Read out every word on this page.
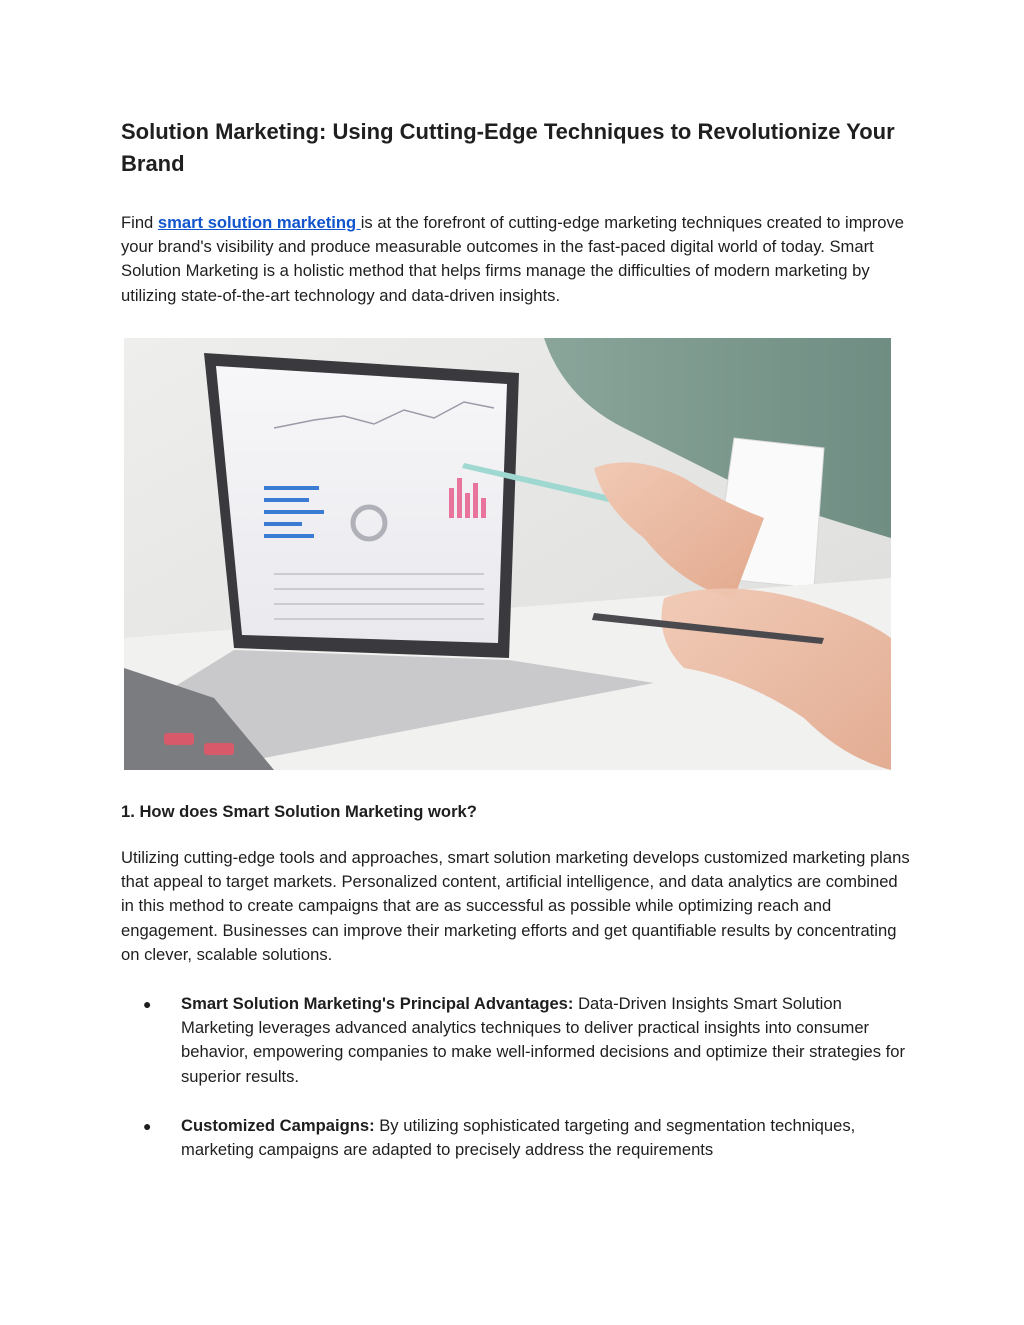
Solution Marketing: Using Cutting-Edge Techniques to Revolutionize Your Brand

Find smart solution marketing is at the forefront of cutting-edge marketing techniques created to improve your brand's visibility and produce measurable outcomes in the fast-paced digital world of today. Smart Solution Marketing is a holistic method that helps firms manage the difficulties of modern marketing by utilizing state-of-the-art technology and data-driven insights.

1. How does Smart Solution Marketing work?

Utilizing cutting-edge tools and approaches, smart solution marketing develops customized marketing plans that appeal to target markets. Personalized content, artificial intelligence, and data analytics are combined in this method to create campaigns that are as successful as possible while optimizing reach and engagement. Businesses can improve their marketing efforts and get quantifiable results by concentrating on clever, scalable solutions.

● Smart Solution Marketing's Principal Advantages: Data-Driven Insights Smart Solution Marketing leverages advanced analytics techniques to deliver practical insights into consumer behavior, empowering companies to make well-informed decisions and optimize their strategies for superior results.
● Customized Campaigns: By utilizing sophisticated targeting and segmentation techniques, marketing campaigns are adapted to precisely address the requirements
